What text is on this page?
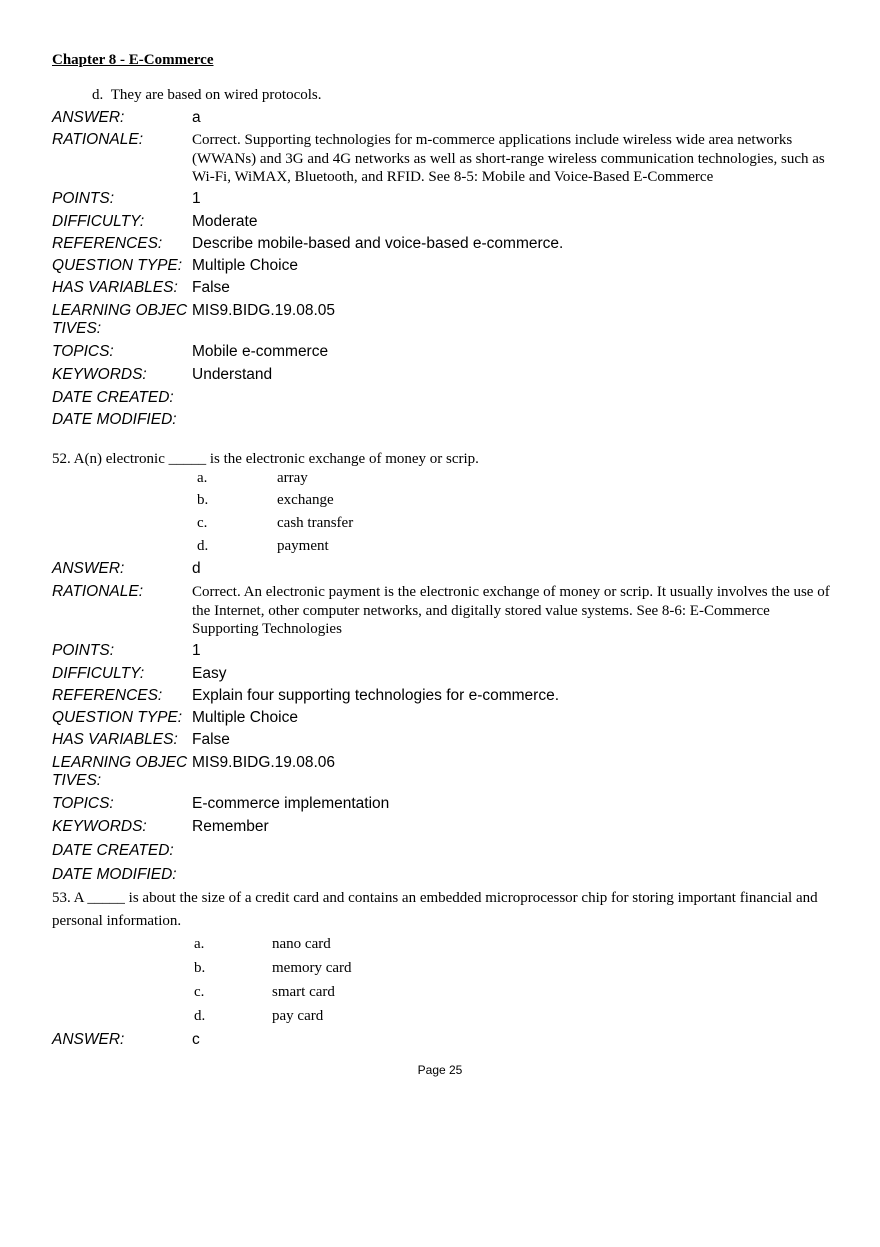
Chapter 8 - E-Commerce
d.  They are based on wired protocols.
ANSWER:	a
RATIONALE:	Correct. Supporting technologies for m-commerce applications include wireless wide area networks (WWANs) and 3G and 4G networks as well as short-range wireless communication technologies, such as Wi-Fi, WiMAX, Bluetooth, and RFID. See 8-5: Mobile and Voice-Based E-Commerce
POINTS:	1
DIFFICULTY:	Moderate
REFERENCES:	Describe mobile-based and voice-based e-commerce.
QUESTION TYPE: Multiple Choice
HAS VARIABLES: False
LEARNING OBJECTIVES:
MIS9.BIDG.19.08.05
TOPICS:	Mobile e-commerce
KEYWORDS:	Understand
DATE CREATED:
DATE MODIFIED:
52. A(n) electronic _____ is the electronic exchange of money or scrip.
a.	array
b.	exchange
c.	cash transfer
d.	payment
ANSWER:	d
RATIONALE:	Correct. An electronic payment is the electronic exchange of money or scrip. It usually involves the use of the Internet, other computer networks, and digitally stored value systems. See 8-6: E-Commerce Supporting Technologies
POINTS:	1
DIFFICULTY:	Easy
REFERENCES:	Explain four supporting technologies for e-commerce.
QUESTION TYPE: Multiple Choice
HAS VARIABLES: False
LEARNING OBJECTIVES:
MIS9.BIDG.19.08.06
TOPICS:	E-commerce implementation
KEYWORDS:	Remember
DATE CREATED:
DATE MODIFIED:
53. A _____ is about the size of a credit card and contains an embedded microprocessor chip for storing important financial and personal information.
a.	nano card
b.	memory card
c.	smart card
d.	pay card
ANSWER:	c
Page 25
